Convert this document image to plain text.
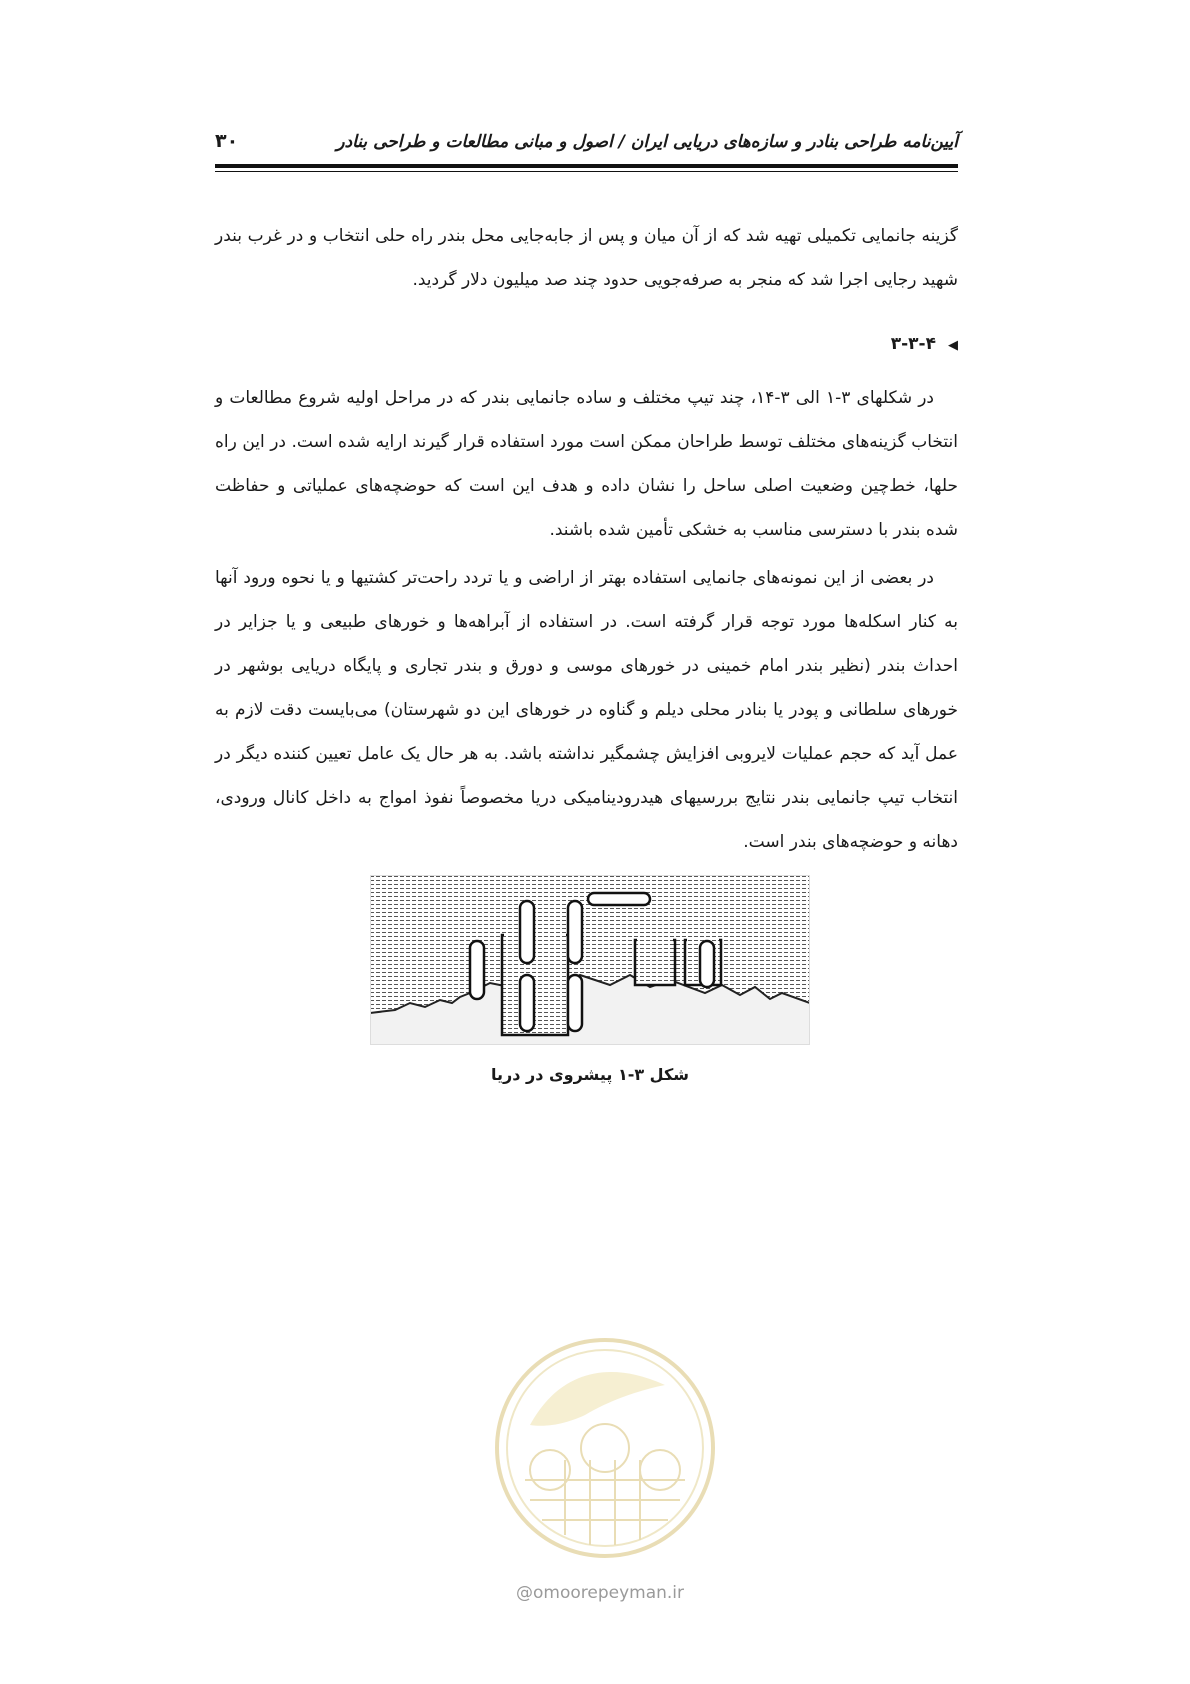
آیین‌نامه طراحی بنادر و سازه‌های دریایی ایران / اصول و مبانی مطالعات و طراحی بنادر
۳۰

گزینه جانمایی تکمیلی تهیه شد که از آن میان و پس از جابه‌جایی محل بندر راه حلی انتخاب و در غرب بندر شهید رجایی اجرا شد که منجر به صرفه‌جویی حدود چند صد میلیون دلار گردید.

◀۳-۳-۴

در شکلهای ۳-۱ الی ۳-۱۴، چند تیپ مختلف و ساده جانمایی بندر که در مراحل اولیه شروع مطالعات و انتخاب گزینه‌های مختلف توسط طراحان ممکن است مورد استفاده قرار گیرند ارایه شده است. در این راه حلها، خط‌چین وضعیت اصلی ساحل را نشان داده و هدف این است که حوضچه‌های عملیاتی و حفاظت شده بندر با دسترسی مناسب به خشکی تأمین شده باشند.

در بعضی از این نمونه‌های جانمایی استفاده بهتر از اراضی و یا تردد راحت‌تر کشتیها و یا نحوه ورود آنها به کنار اسکله‌ها مورد توجه قرار گرفته است. در استفاده از آبراهه‌ها و خورهای طبیعی و یا جزایر در احداث بندر (نظیر بندر امام خمینی در خورهای موسی و دورق و بندر تجاری و پایگاه دریایی بوشهر در خورهای سلطانی و پودر یا بنادر محلی دیلم و گناوه در خورهای این دو شهرستان) می‌بایست دقت لازم به عمل آید که حجم عملیات لایروبی افزایش چشمگیر نداشته باشد. به هر حال یک عامل تعیین کننده دیگر در انتخاب تیپ جانمایی بندر نتایج بررسیهای هیدرودینامیکی دریا مخصوصاً نفوذ امواج به داخل کانال ورودی، دهانه و حوضچه‌های بندر است.

شکل ۳-۱ پیشروی در دریا
@omoorepeyman.ir
